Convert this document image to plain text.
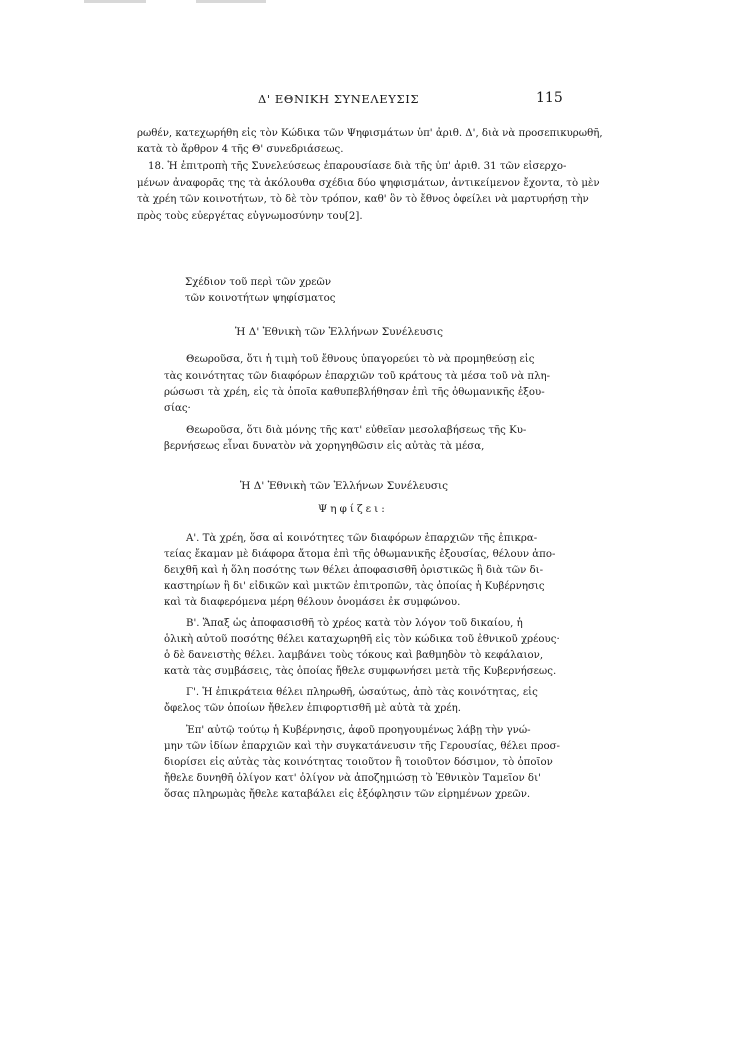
Δ' ΕΘΝΙΚΗ ΣΥΝΕΛΕΥΣΙΣ	115
ρωθέν, κατεχωρήθη εἰς τὸν Κώδικα τῶν Ψηφισμάτων ὑπ' ἀριθ. Δ', διὰ νὰ προσεπικυρωθῆ,
κατὰ τὸ ἄρθρον 4 τῆς Θ' συνεδριάσεως.
18. Ἡ ἐπιτροπὴ τῆς Συνελεύσεως ἐπαρουσίασε διὰ τῆς ὑπ' ἀριθ. 31 τῶν εἰσερχο-
μένων ἀναφορᾶς της τὰ ἀκόλουθα σχέδια δύο ψηφισμάτων, ἀντικείμενον ἔχοντα, τὸ μὲν
τὰ χρέη τῶν κοινοτήτων, τὸ δὲ τὸν τρόπον, καθ' ὃν τὸ ἔθνος ὀφείλει νὰ μαρτυρήσῃ τὴν
πρὸς τοὺς εὐεργέτας εὐγνωμοσύνην του[2].
Σχέδιον τοῦ περὶ τῶν χρεῶν
τῶν κοινοτήτων ψηφίσματος
Ἡ Δ' Ἐθνικὴ τῶν Ἑλλήνων Συνέλευσις
Θεωροῦσα, ὅτι ἡ τιμὴ τοῦ ἔθνους ὑπαγορεύει τὸ νὰ προμηθεύσῃ εἰς
τὰς κοινότητας τῶν διαφόρων ἐπαρχιῶν τοῦ κράτους τὰ μέσα τοῦ νὰ πλη-
ρώσωσι τὰ χρέη, εἰς τὰ ὁποῖα καθυπεβλήθησαν ἐπὶ τῆς ὀθωμανικῆς ἐξου-
σίας·
Θεωροῦσα, ὅτι διὰ μόνης τῆς κατ' εὐθεῖαν μεσολαβήσεως τῆς Κυ-
βερνήσεως εἶναι δυνατὸν νὰ χορηγηθῶσιν εἰς αὐτὰς τὰ μέσα,
Ἡ Δ' Ἐθνικὴ τῶν Ἑλλήνων Συνέλευσις
Ψηφίζει:
Α'. Τὰ χρέη, ὅσα αἱ κοινότητες τῶν διαφόρων ἐπαρχιῶν τῆς ἐπικρα-
τείας ἔκαμαν μὲ διάφορα ἄτομα ἐπὶ τῆς ὀθωμανικῆς ἐξουσίας, θέλουν ἀπο-
δειχθῆ καὶ ἡ ὅλη ποσότης των θέλει ἀποφασισθῆ ὁριστικῶς ἢ διὰ τῶν δι-
καστηρίων ἢ δι' εἰδικῶν καὶ μικτῶν ἐπιτροπῶν, τὰς ὁποίας ἡ Κυβέρνησις
καὶ τὰ διαφερόμενα μέρη θέλουν ὀνομάσει ἐκ συμφώνου.
Β'. Ἅπαξ ὡς ἀποφασισθῆ τὸ χρέος κατὰ τὸν λόγον τοῦ δικαίου, ἡ
ὁλικὴ αὐτοῦ ποσότης θέλει καταχωρηθῆ εἰς τὸν κώδικα τοῦ ἐθνικοῦ χρέους·
ὁ δὲ δανειστὴς θέλει. λαμβάνει τοὺς τόκους καὶ βαθμηδὸν τὸ κεφάλαιον,
κατὰ τὰς συμβάσεις, τὰς ὁποίας ἤθελε συμφωνήσει μετὰ τῆς Κυβερνήσεως.
Γ'. Ἡ ἐπικράτεια θέλει πληρωθῆ, ὡσαύτως, ἀπὸ τὰς κοινότητας, εἰς
ὄφελος τῶν ὁποίων ἤθελεν ἐπιφορτισθῆ μὲ αὐτὰ τὰ χρέη.
Ἐπ' αὐτῷ τούτῳ ἡ Κυβέρνησις, ἀφοῦ προηγουμένως λάβῃ τὴν γνώ-
μην τῶν ἰδίων ἐπαρχιῶν καὶ τὴν συγκατάνευσιν τῆς Γερουσίας, θέλει προσ-
διορίσει εἰς αὐτὰς τὰς κοινότητας τοιοῦτον ἢ τοιοῦτον δόσιμον, τὸ ὁποῖον
ἤθελε δυνηθῆ ὀλίγον κατ' ὀλίγον νὰ ἀποζημιώσῃ τὸ Ἐθνικὸν Ταμεῖον δι'
ὅσας πληρωμὰς ἤθελε καταβάλει εἰς ἐξόφλησιν τῶν εἰρημένων χρεῶν.
